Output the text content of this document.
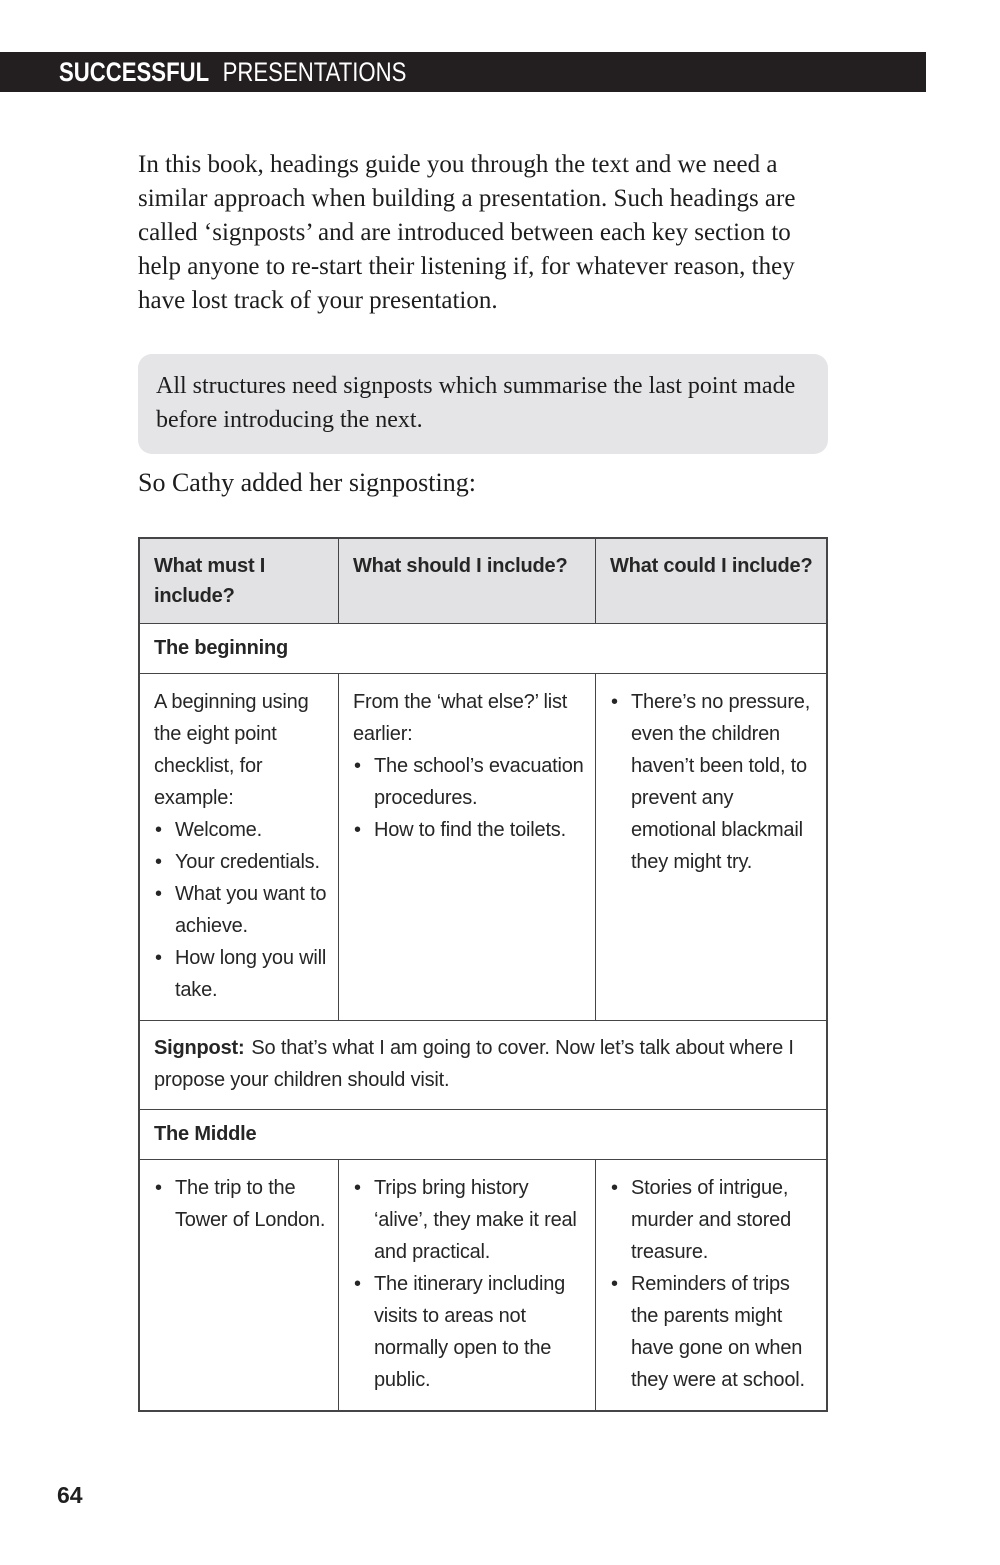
SUCCESSFUL PRESENTATIONS

In this book, headings guide you through the text and we need a similar approach when building a presentation. Such headings are called ‘signposts’ and are introduced between each key section to help anyone to re-start their listening if, for whatever reason, they have lost track of your presentation.

All structures need signposts which summarise the last point made before introducing the next.

So Cathy added her signposting:

What must I include?
What should I include?	What could I include?
The beginning
A beginning using the eight point checklist, for example:
• Welcome.
• Your credentials.
• What you want to achieve.
• How long you will take.
From the ‘what else?’ list earlier:
• The school’s evacuation procedures.
• How to find the toilets.
• There’s no pressure, even the children haven’t been told, to prevent any emotional blackmail they might try.
Signpost: So that’s what I am going to cover. Now let’s talk about where I propose your children should visit.
The Middle
• The trip to the Tower of London.
• Trips bring history ‘alive’, they make it real and practical.
• The itinerary including visits to areas not normally open to the public.
• Stories of intrigue, murder and stored treasure.
• Reminders of trips the parents might have gone on when they were at school.
64
